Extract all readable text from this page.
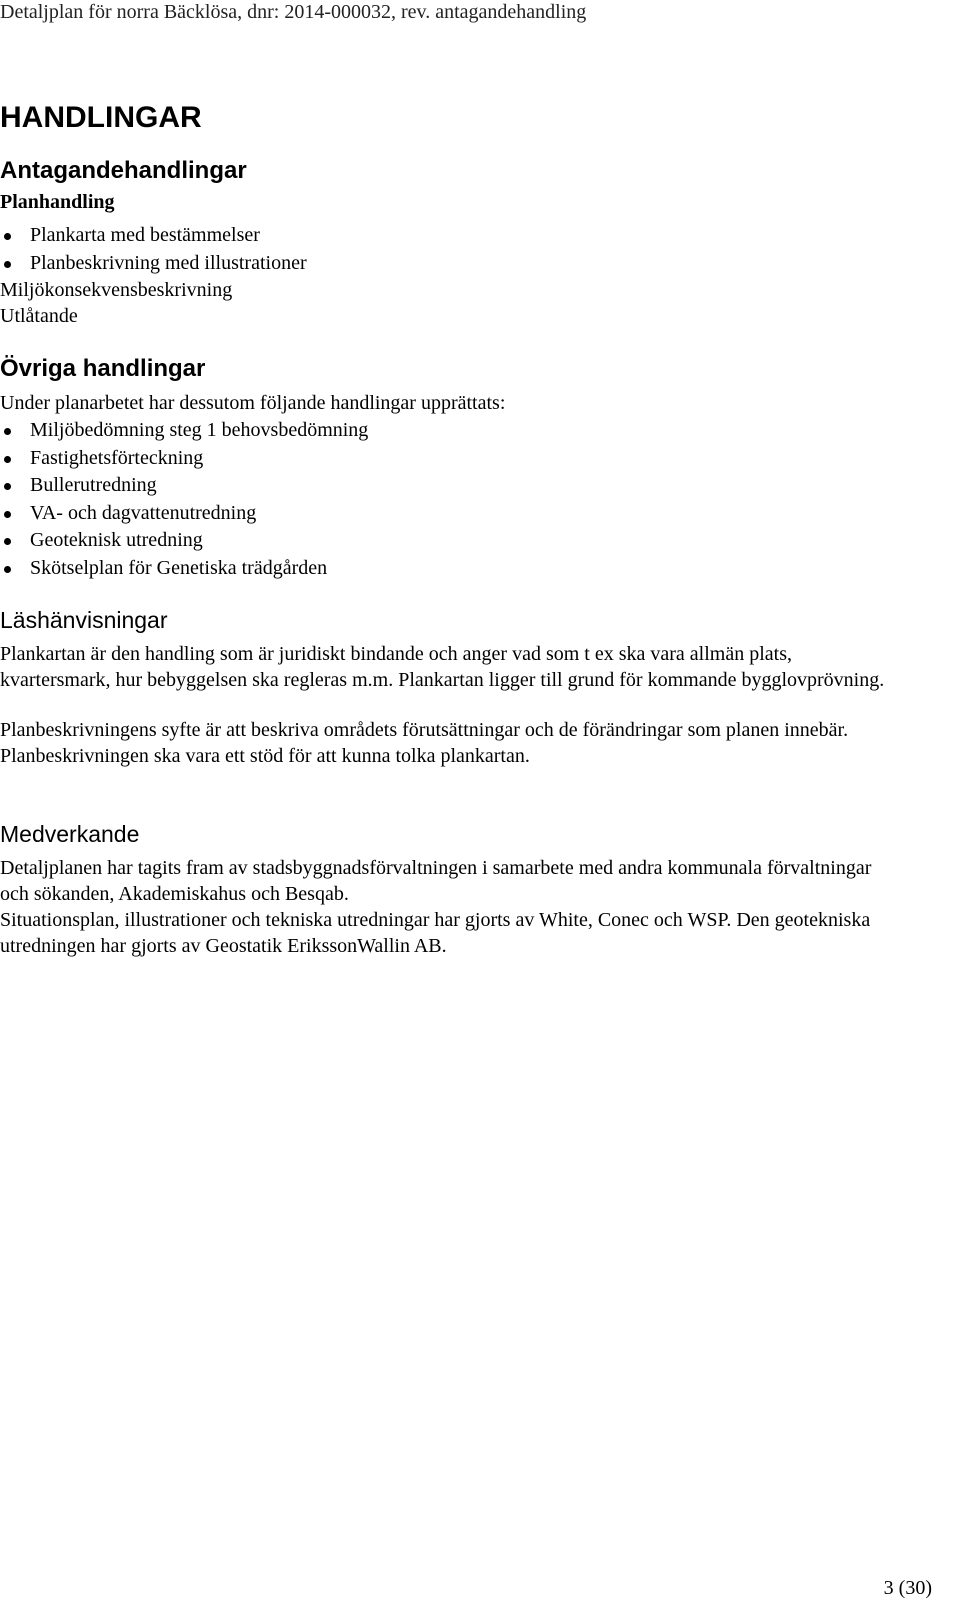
Detaljplan för norra Bäcklösa, dnr: 2014-000032, rev. antagandehandling
HANDLINGAR
Antagandehandlingar
Planhandling
Plankarta med bestämmelser
Planbeskrivning med illustrationer

Miljökonsekvensbeskrivning

Utlåtande

Övriga handlingar

Under planarbetet har dessutom följande handlingar upprättats:

Miljöbedömning steg 1 behovsbedömning
Fastighetsförteckning
Bullerutredning
VA- och dagvattenutredning
Geoteknisk utredning
Skötselplan för Genetiska trädgården
Läshänvisningar

Plankartan är den handling som är juridiskt bindande och anger vad som t ex ska vara allmän plats, kvartersmark, hur bebyggelsen ska regleras m.m. Plankartan ligger till grund för kommande bygglovprövning.

Planbeskrivningens syfte är att beskriva områdets förutsättningar och de förändringar som planen innebär. Planbeskrivningen ska vara ett stöd för att kunna tolka plankartan.

Medverkande

Detaljplanen har tagits fram av stadsbyggnadsförvaltningen i samarbete med andra kommunala förvaltningar och sökanden, Akademiskahus och Besqab.

Situationsplan, illustrationer och tekniska utredningar har gjorts av White, Conec och WSP. Den geotekniska utredningen har gjorts av Geostatik ErikssonWallin AB.

3 (30)
